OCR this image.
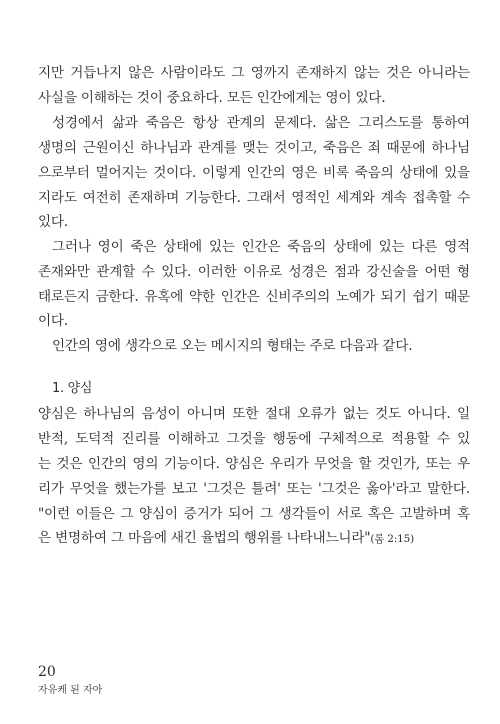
지만 거듭나지 않은 사람이라도 그 영까지 존재하지 않는 것은 아니라는
사실을 이해하는 것이 중요하다. 모든 인간에게는 영이 있다.
성경에서 삶과 죽음은 항상 관계의 문제다. 삶은 그리스도를 통하여
생명의 근원이신 하나님과 관계를 맺는 것이고, 죽음은 죄 때문에 하나님
으로부터 멀어지는 것이다. 이렇게 인간의 영은 비록 죽음의 상태에 있을
지라도 여전히 존재하며 기능한다. 그래서 영적인 세계와 계속 접촉할 수
있다.
그러나 영이 죽은 상태에 있는 인간은 죽음의 상태에 있는 다른 영적
존재와만 관계할 수 있다. 이러한 이유로 성경은 점과 강신술을 어떤 형
태로든지 금한다. 유혹에 약한 인간은 신비주의의 노예가 되기 쉽기 때문
이다.
인간의 영에 생각으로 오는 메시지의 형태는 주로 다음과 같다.
1. 양심
양심은 하나님의 음성이 아니며 또한 절대 오류가 없는 것도 아니다. 일
반적, 도덕적 진리를 이해하고 그것을 행동에 구체적으로 적용할 수 있
는 것은 인간의 영의 기능이다. 양심은 우리가 무엇을 할 것인가, 또는 우
리가 무엇을 했는가를 보고 '그것은 틀려' 또는 '그것은 옳아'라고 말한다.
"이런 이들은 그 양심이 증거가 되어 그 생각들이 서로 혹은 고발하며 혹
은 변명하여 그 마음에 새긴 율법의 행위를 나타내느니라"(롬 2:15)
20
자유케 된 자아
